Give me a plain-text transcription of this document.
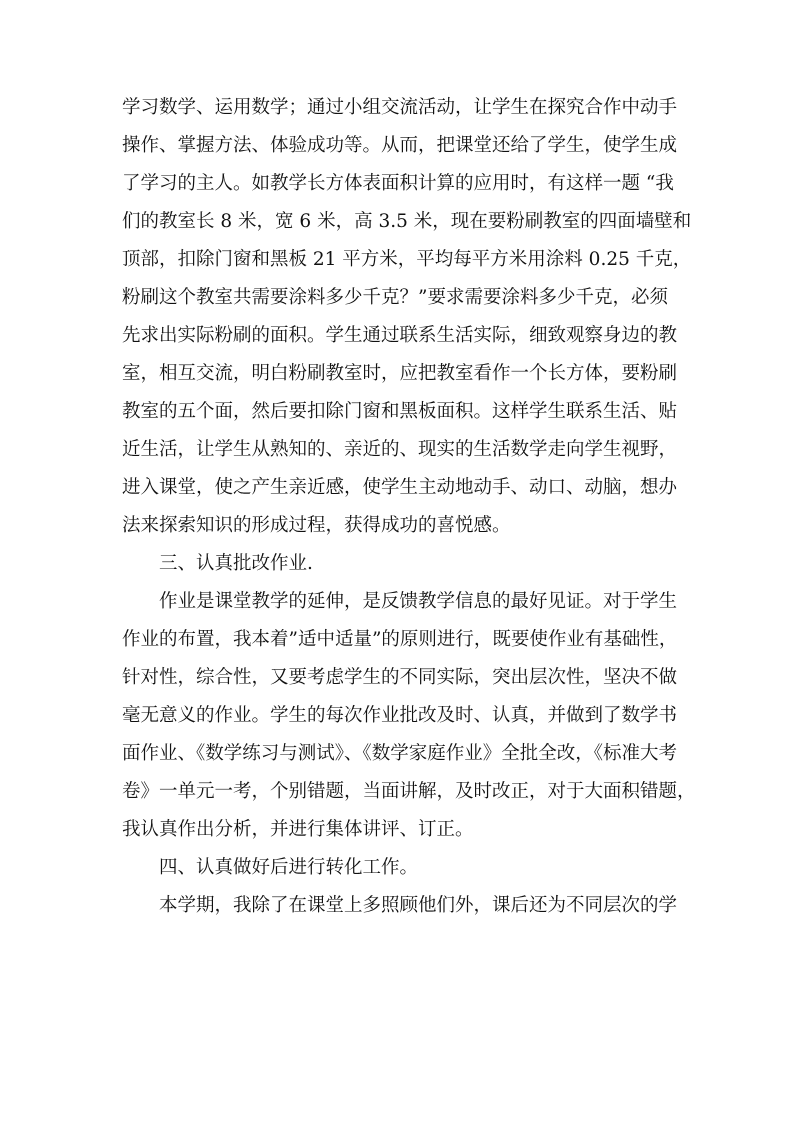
学习数学、运用数学；通过小组交流活动，让学生在探究合作中动手
操作、掌握方法、体验成功等。从而，把课堂还给了学生，使学生成
了学习的主人。如教学长方体表面积计算的应用时，有这样一题 “我
们的教室长 8 米，宽 6 米，高 3.5 米，现在要粉刷教室的四面墙壁和
顶部，扣除门窗和黑板 21 平方米，平均每平方米用涂料 0.25 千克，
粉刷这个教室共需要涂料多少千克？”要求需要涂料多少千克，必须
先求出实际粉刷的面积。学生通过联系生活实际，细致观察身边的教
室，相互交流，明白粉刷教室时，应把教室看作一个长方体，要粉刷
教室的五个面，然后要扣除门窗和黑板面积。这样学生联系生活、贴
近生活，让学生从熟知的、亲近的、现实的生活数学走向学生视野，
进入课堂，使之产生亲近感，使学生主动地动手、动口、动脑，想办
法来探索知识的形成过程，获得成功的喜悦感。
三、认真批改作业.
作业是课堂教学的延伸，是反馈教学信息的最好见证。对于学生
作业的布置，我本着”适中适量”的原则进行，既要使作业有基础性，
针对性，综合性，又要考虑学生的不同实际，突出层次性，坚决不做
毫无意义的作业。学生的每次作业批改及时、认真，并做到了数学书
面作业、《数学练习与测试》、《数学家庭作业》全批全改，《标准大考
卷》一单元一考，个别错题，当面讲解，及时改正，对于大面积错题，
我认真作出分析，并进行集体讲评、订正。
四、认真做好后进行转化工作。
本学期，我除了在课堂上多照顾他们外，课后还为不同层次的学
